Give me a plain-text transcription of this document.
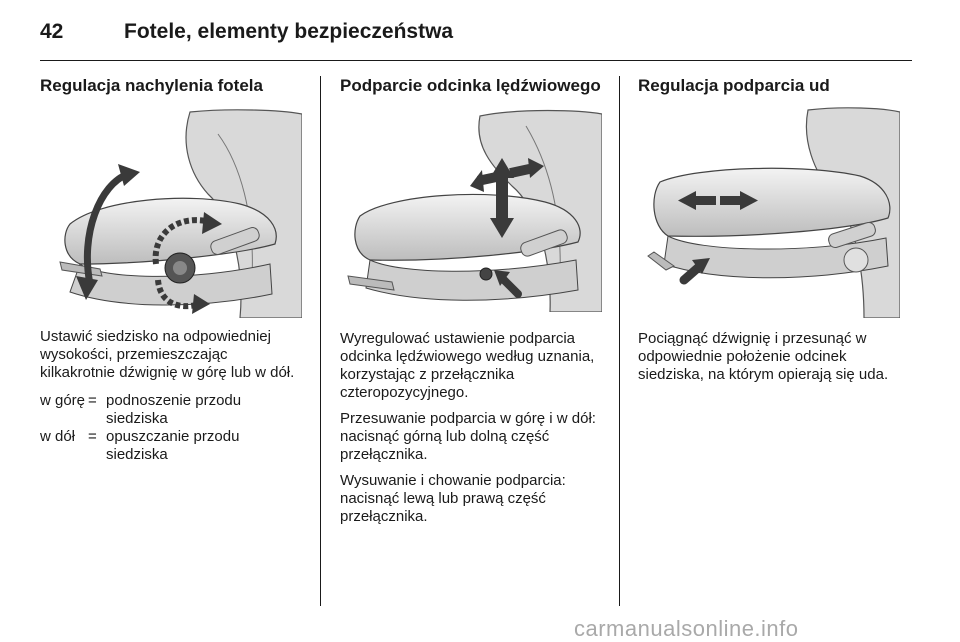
42	Fotele, elementy bezpieczeństwa
Regulacja nachylenia fotela

Ustawić siedzisko na odpowiedniej wysokości, przemieszczając kilkakrotnie dźwignię w górę lub w dół.

w górę = podnoszenie przodu siedziska
w dół = opuszczanie przodu siedziska
Podparcie odcinka lędźwiowego

Wyregulować ustawienie podparcia odcinka lędźwiowego według uznania, korzystając z przełącznika czteropozycyjnego.

Przesuwanie podparcia w górę i w dół: nacisnąć górną lub dolną część przełącznika.

Wysuwanie i chowanie podparcia: nacisnąć lewą lub prawą część przełącznika.

Regulacja podparcia ud

Pociągnąć dźwignię i przesunąć w odpowiednie położenie odcinek siedziska, na którym opierają się uda.

carmanualsonline.info
